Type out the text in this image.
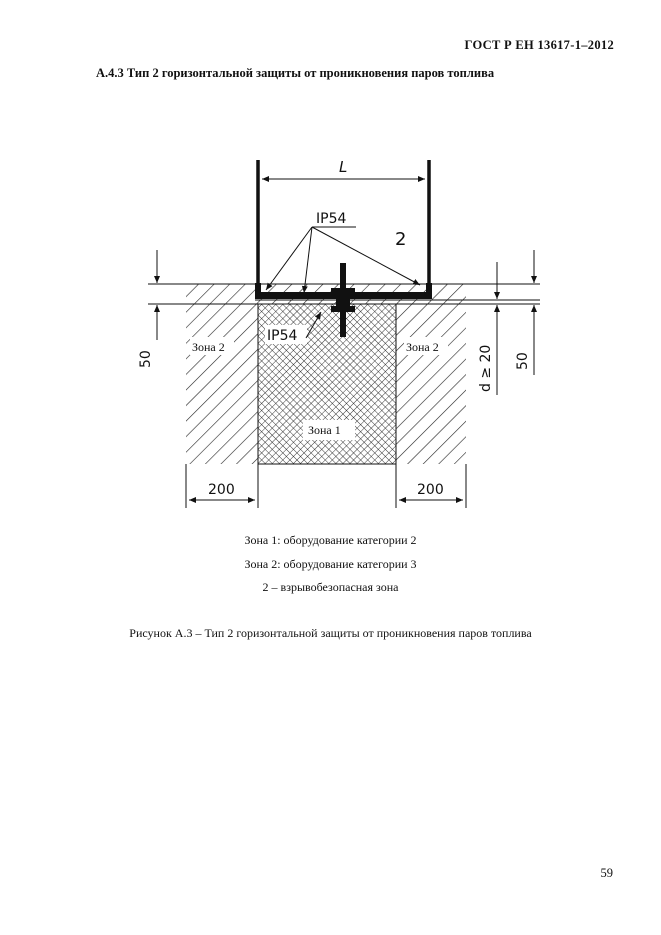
ГОСТ Р ЕН 13617-1–2012
А.4.3 Тип 2 горизонтальной защиты от проникновения паров топлива
L
IP54
2
IP54
Зона 2	Зона 2
Зона 1
50	d ≥ 20 50
200	200
Зона 1: оборудование категории 2
Зона 2: оборудование категории 3
2 – взрывобезопасная зона
Рисунок А.3 – Тип 2 горизонтальной защиты от проникновения паров топлива
59
